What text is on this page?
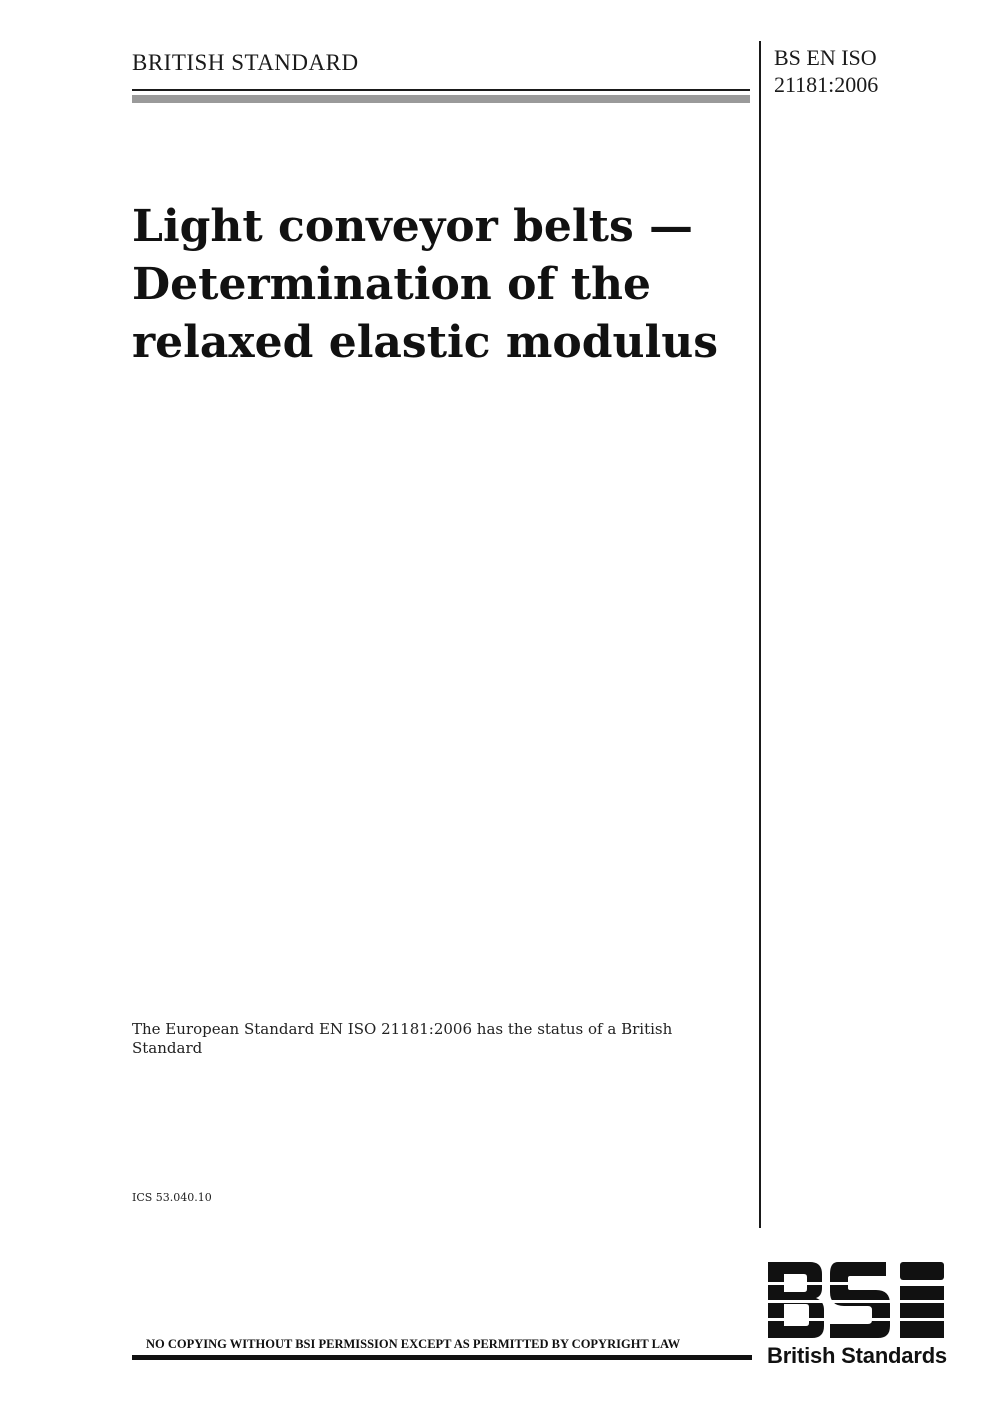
BRITISH STANDARD	BS EN ISO
21181:2006
Light conveyor belts —
Determination of the
relaxed elastic modulus
The European Standard EN ISO 21181:2006 has the status of a British Standard
ICS 53.040.10
NO COPYING WITHOUT BSI PERMISSION EXCEPT AS PERMITTED BY COPYRIGHT LAW	British Standards
